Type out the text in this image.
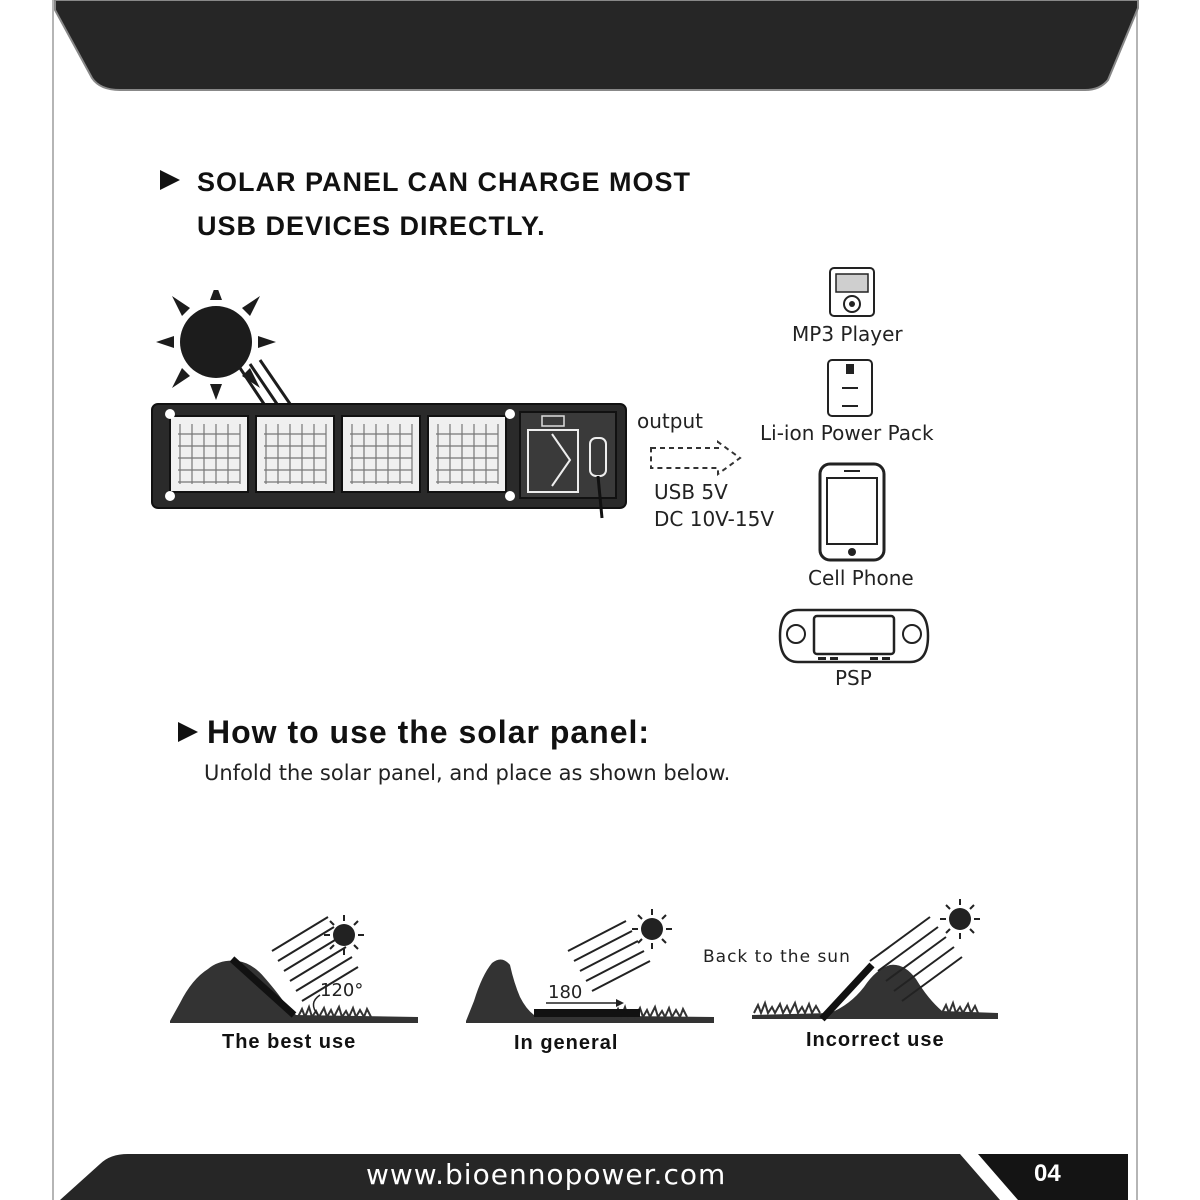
SOLAR PANEL CAN CHARGE MOST
USB DEVICES DIRECTLY.
output
USB 5V
DC 10V-15V
MP3 Player
Li-ion Power Pack
Cell Phone
PSP
How to use the solar panel:
Unfold the solar panel, and place as shown below.
120°
The best use
180
In general
Back to the sun
Incorrect use
www.bioennopower.com	04
